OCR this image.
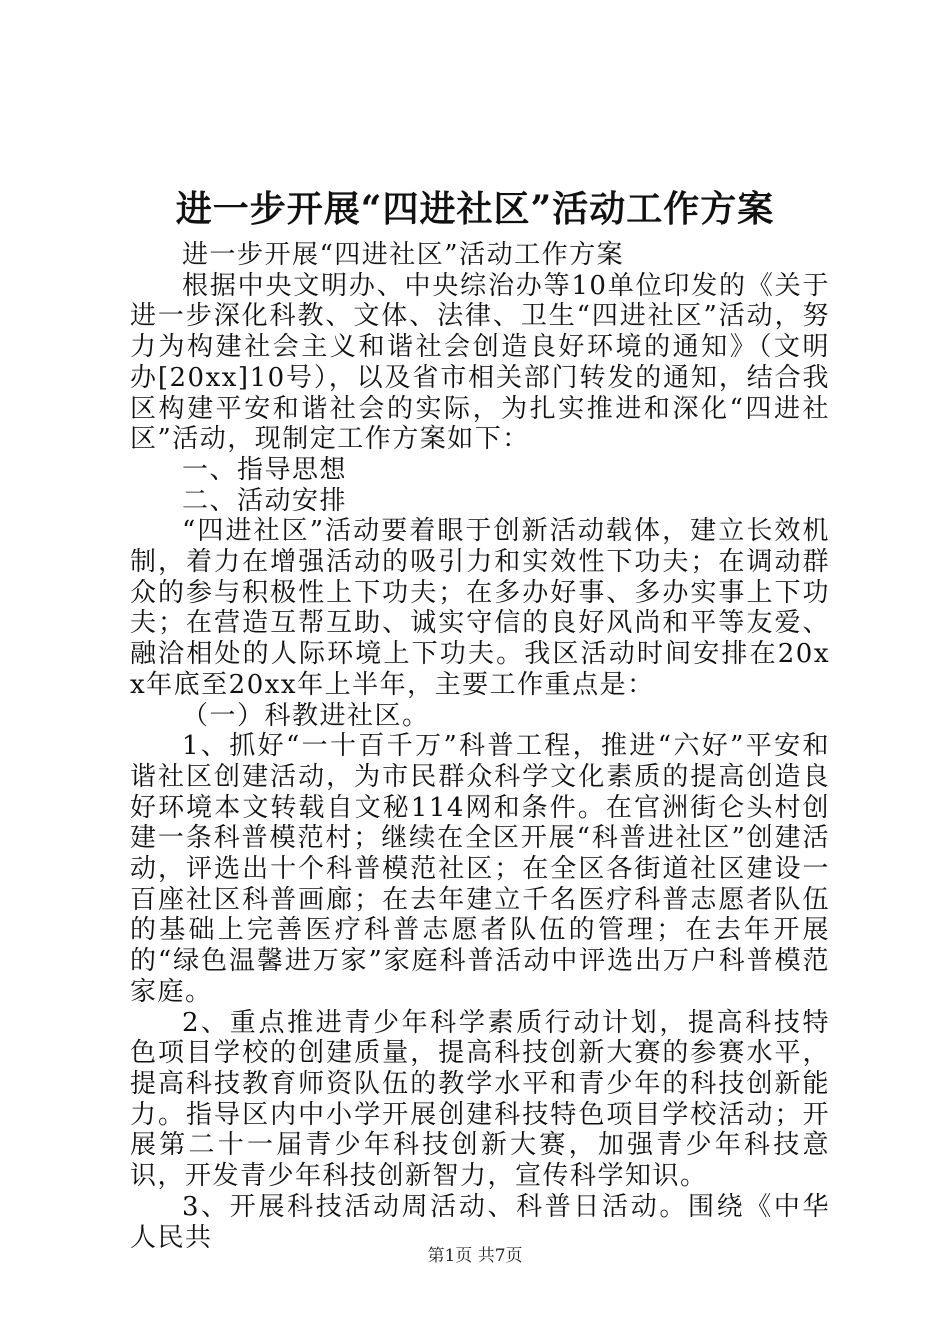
进一步开展“四进社区”活动工作方案

进一步开展“四进社区”活动工作方案

根据中央文明办、中央综治办等10单位印发的《关于进一步深化科教、文体、法律、卫生“四进社区”活动，努力为构建社会主义和谐社会创造良好环境的通知》（文明办[20xx]10号），以及省市相关部门转发的通知，结合我区构建平安和谐社会的实际，为扎实推进和深化“四进社区”活动，现制定工作方案如下：

一、指导思想

二、活动安排

“四进社区”活动要着眼于创新活动载体，建立长效机制，着力在增强活动的吸引力和实效性下功夫；在调动群众的参与积极性上下功夫；在多办好事、多办实事上下功夫；在营造互帮互助、诚实守信的良好风尚和平等友爱、融洽相处的人际环境上下功夫。我区活动时间安排在20xx年底至20xx年上半年，主要工作重点是：

（一）科教进社区。

1、抓好“一十百千万”科普工程，推进“六好”平安和谐社区创建活动，为市民群众科学文化素质的提高创造良好环境本文转载自文秘114网和条件。在官洲街仑头村创建一条科普模范村；继续在全区开展“科普进社区”创建活动，评选出十个科普模范社区；在全区各街道社区建设一百座社区科普画廊；在去年建立千名医疗科普志愿者队伍的基础上完善医疗科普志愿者队伍的管理；在去年开展的“绿色温馨进万家”家庭科普活动中评选出万户科普模范家庭。

2、重点推进青少年科学素质行动计划，提高科技特色项目学校的创建质量，提高科技创新大赛的参赛水平，提高科技教育师资队伍的教学水平和青少年的科技创新能力。指导区内中小学开展创建科技特色项目学校活动；开展第二十一届青少年科技创新大赛，加强青少年科技意识，开发青少年科技创新智力，宣传科学知识。

3、开展科技活动周活动、科普日活动。围绕《中华人民共

第1页 共7页
